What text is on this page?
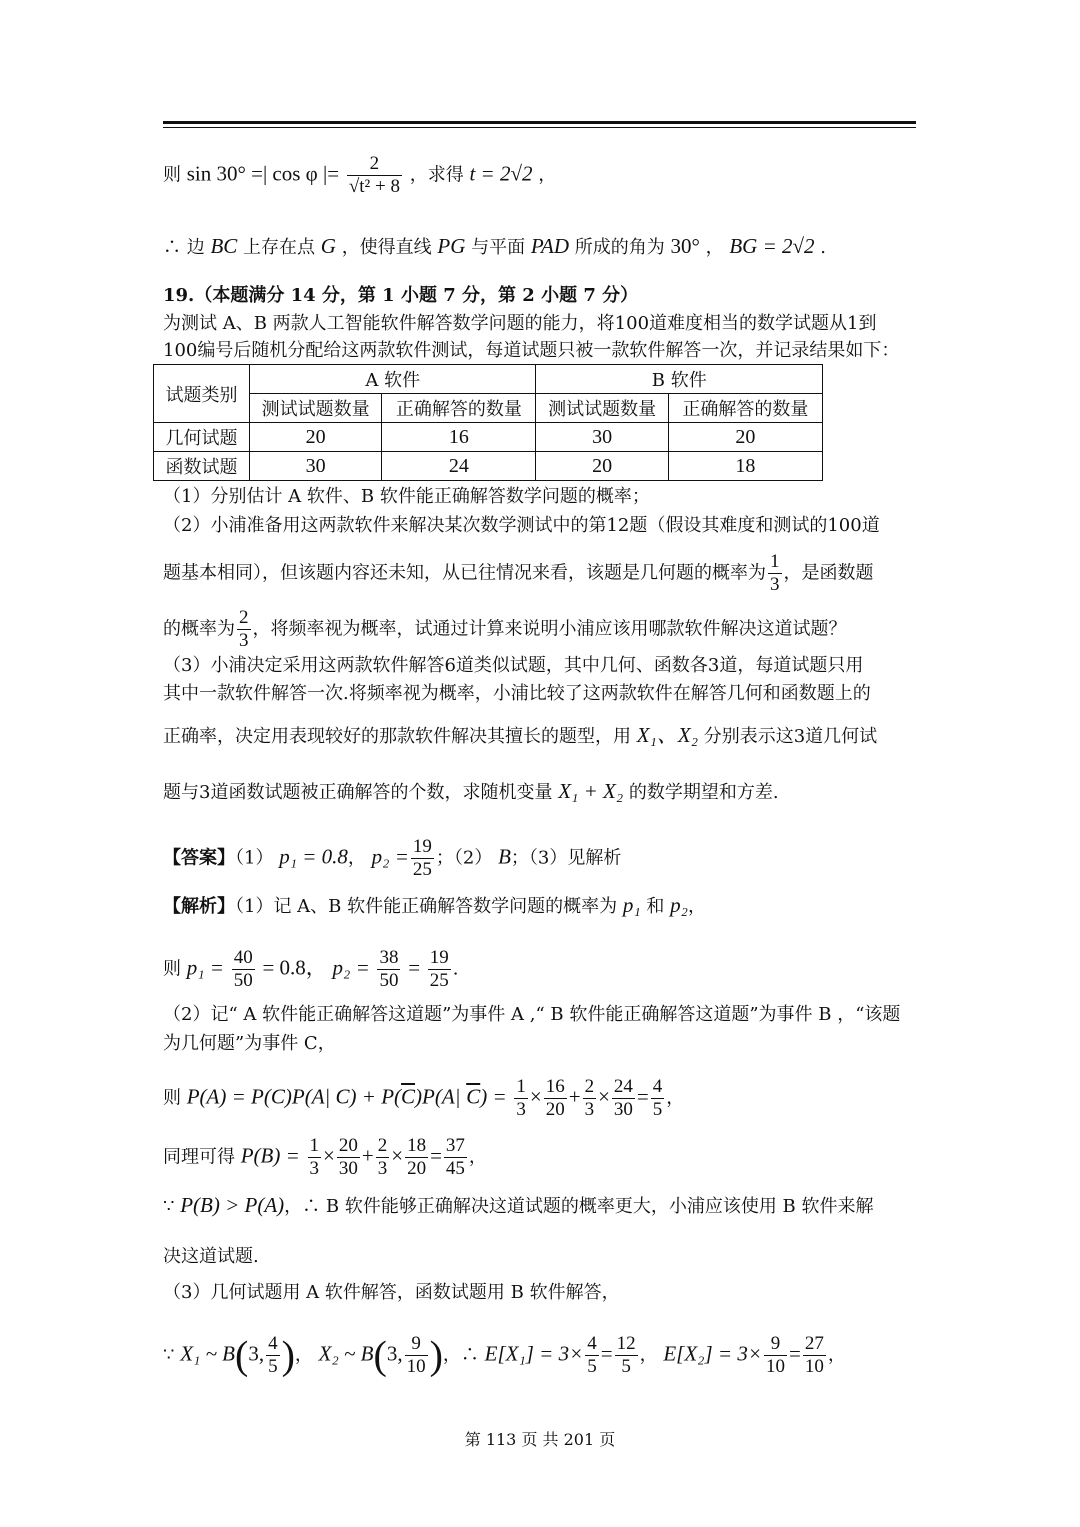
则 sin 30° =| cos φ |= $\frac{2}{\text{√t² + 8}}$ ，求得 t = 2√2 ，
∴ 边 BC 上存在点 G ，使得直线 PG 与平面 PAD 所成的角为 30° ， BG = 2√2 .
19.（本题满分 14 分，第 1 小题 7 分，第 2 小题 7 分）
为测试 A、B 两款人工智能软件解答数学问题的能力，将100道难度相当的数学试题从1到
100编号后随机分配给这两款软件测试，每道试题只被一款软件解答一次，并记录结果如下：
试题类别	A 软件		B 软件	
	测试试题数量	正确解答的数量	测试试题数量	正确解答的数量
几何试题	20	16	30	20
函数试题	30	24	20	18
（1）分别估计 A 软件、B 软件能正确解答数学问题的概率；
（2）小浦准备用这两款软件来解决某次数学测试中的第12题（假设其难度和测试的100道
题基本相同），但该题内容还未知，从已往情况来看，该题是几何题的概率为 $\frac{1}{3}$ ，是函数题
的概率为 $\frac{2}{3}$ ，将频率视为概率，试通过计算来说明小浦应该用哪款软件解决这道试题？
（3）小浦决定采用这两款软件解答6道类似试题，其中几何、函数各3道，每道试题只用
其中一款软件解答一次.将频率视为概率，小浦比较了这两款软件在解答几何和函数题上的
正确率，决定用表现较好的那款软件解决其擅长的题型，用 X₁、X₂ 分别表示这3道几何试
题与3道函数试题被正确解答的个数，求随机变量 X₁ + X₂ 的数学期望和方差.
【答案】（1） p₁ = 0.8， $p_2 = \frac{19}{25}$ ；（2） B；（3）见解析
【解析】（1）记 A、B 软件能正确解答数学问题的概率为 p₁ 和 p₂，
则 $p_1 = \frac{40}{50} = 0.8$， $p_2 = \frac{38}{50} = \frac{19}{25}$ .
（2）记“ A 软件能正确解答这道题”为事件 A ,“ B 软件能正确解答这道题”为事件 B ，“该题
为几何题”为事件 C，
则 P(A) = P(C)P(A| $C) + P(\overline{C})P(A|$ $\overline{C}) = \frac{1}{3} \times \frac{16}{20} + \frac{2}{3} \times \frac{24}{30} = \frac{4}{5}$ ，
同理可得 $P(B) = \frac{1}{3} \times \frac{20}{30} + \frac{2}{3} \times \frac{18}{20} = \frac{37}{45}$ ，
∵ P(B) > P(A)，∴ B 软件能够正确解决这道试题的概率更大，小浦应该使用 B 软件来解
决这道试题.
（3）几何试题用 A 软件解答，函数试题用 B 软件解答，
∵ X₁ ~ B(3, $\frac{4}{5}$ )， X₂ ~ B(3, $\frac{9}{10}$ )，∴ $E[X_1] = 3\times \frac{4}{5} = \frac{12}{5}$ ， $E[X_2] = 3\times \frac{9}{10} = \frac{27}{10}$ ，
第 113 页 共 201 页
